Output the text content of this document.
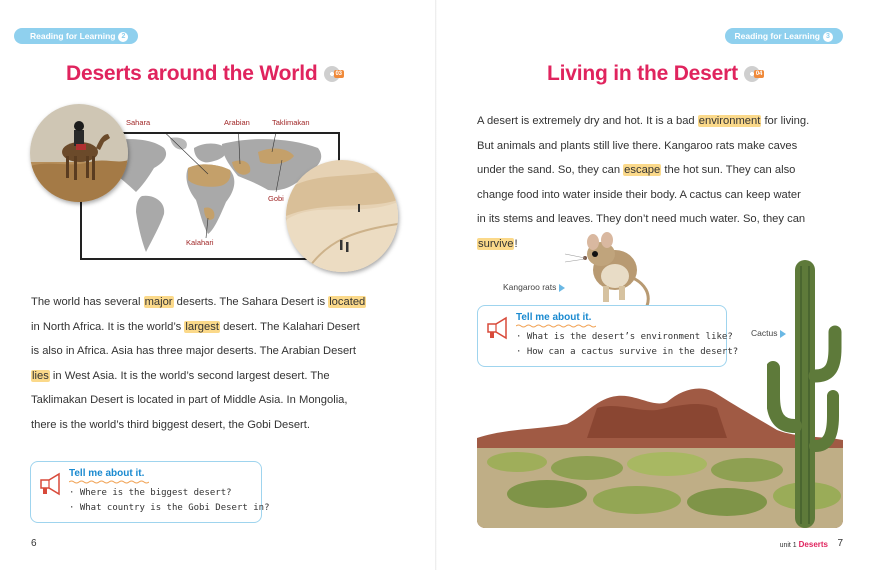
Reading for Learning 2
Deserts around the World	03
Sahara	Arabian	Taklimakan
Gobi
Kalahari

The world has several major deserts. The Sahara Desert is located

in North Africa. It is the world’s largest desert. The Kalahari Desert

is also in Africa. Asia has three major deserts. The Arabian Desert

lies in West Asia. It is the world’s second largest desert. The

Taklimakan Desert is located in part of Middle Asia. In Mongolia,

there is the world’s third biggest desert, the Gobi Desert.

Tell me about it.
· Where is the biggest desert?
· What country is the Gobi Desert in?
6
Reading for Learning 3
Living in the Desert	04

A desert is extremely dry and hot. It is a bad environment for living.

But animals and plants still live there. Kangaroo rats make caves

under the sand. So, they can escape the hot sun. They can also

change food into water inside their body. A cactus can keep water

in its stems and leaves. They don’t need much water. So, they can

survive!

Kangaroo rats
Cactus
Tell me about it.
· What is the desert’s environment like?
· How can a cactus survive in the desert?
unit 1 Deserts 7
